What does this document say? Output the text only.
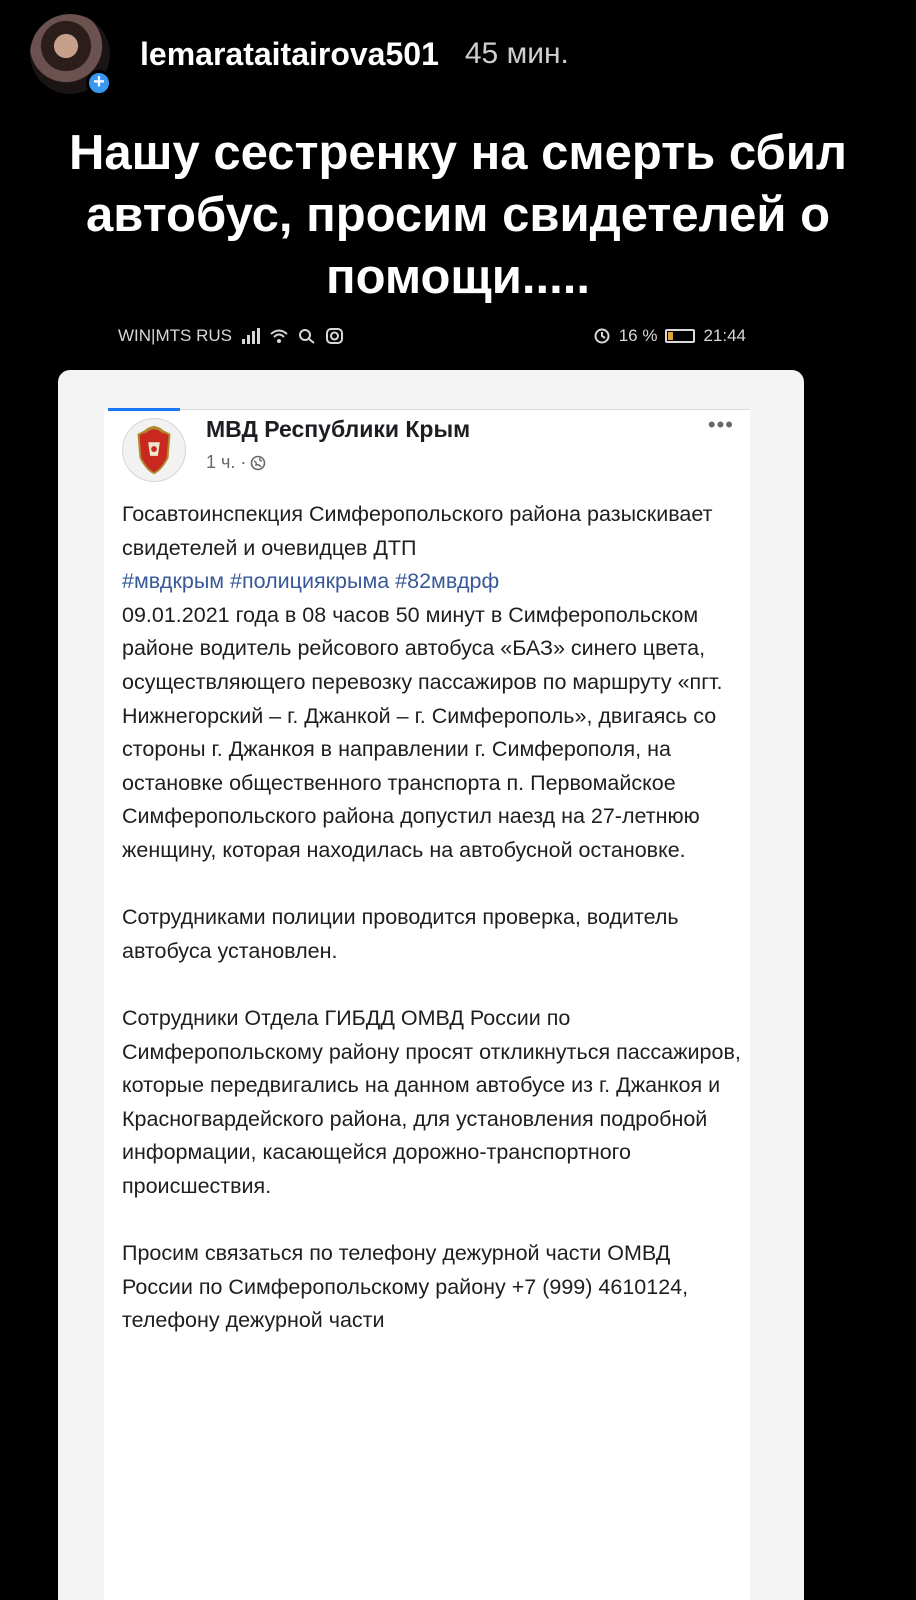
+
lemarataitairova501 45 мин.
Нашу сестренку на смерть сбил автобус, просим свидетелей о помощи.....
WIN|MTS RUS	16 %	21:44
МВД Республики Крым
1 ч. ·
•••

Госавтоинспекция Симферопольского района разыскивает свидетелей и очевидцев ДТП

#мвдкрым #полициякрыма #82мвдрф

09.01.2021 года в 08 часов 50 минут в Симферопольском районе водитель рейсового автобуса «БАЗ» синего цвета, осуществляющего перевозку пассажиров по маршруту «пгт. Нижнегорский – г. Джанкой – г. Симферополь», двигаясь со стороны г. Джанкоя в направлении г. Симферополя, на остановке общественного транспорта п. Первомайское Симферопольского района допустил наезд на 27-летнюю женщину, которая находилась на автобусной остановке.

Сотрудниками полиции проводится проверка, водитель автобуса установлен.

Сотрудники Отдела ГИБДД ОМВД России по Симферопольскому району просят откликнуться пассажиров, которые передвигались на данном автобусе из г. Джанкоя и Красногвардейского района, для установления подробной информации, касающейся дорожно-транспортного происшествия.

Просим связаться по телефону дежурной части ОМВД России по Симферопольскому району +7 (999) 4610124, телефону дежурной части
